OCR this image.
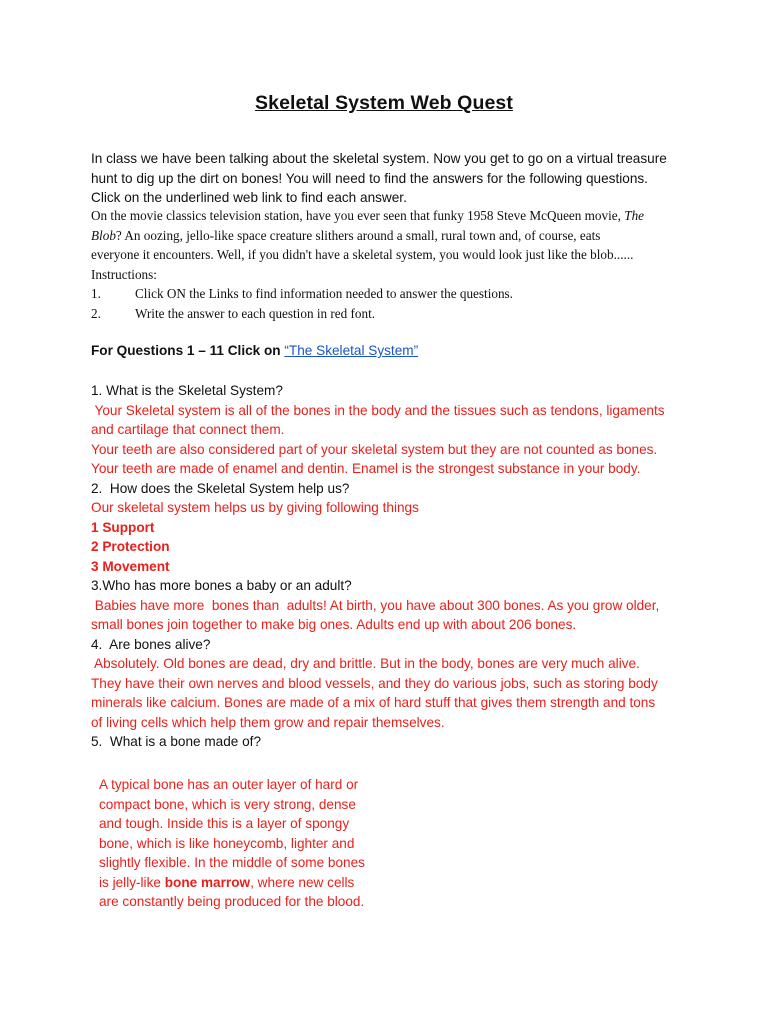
Skeletal System Web Quest
In class we have been talking about the skeletal system. Now you get to go on a virtual treasure
hunt to dig up the dirt on bones! You will need to find the answers for the following questions.
Click on the underlined web link to find each answer.
On the movie classics television station, have you ever seen that funky 1958 Steve McQueen movie, The
Blob? An oozing, jello-like space creature slithers around a small, rural town and, of course, eats
everyone it encounters. Well, if you didn't have a skeletal system, you would look just like the blob......
Instructions:
1.	Click ON the Links to find information needed to answer the questions.
2.	Write the answer to each question in red font.
For Questions 1 – 11 Click on “The Skeletal System”
1. What is the Skeletal System?
Your Skeletal system is all of the bones in the body and the tissues such as tendons, ligaments
and cartilage that connect them.
Your teeth are also considered part of your skeletal system but they are not counted as bones.
Your teeth are made of enamel and dentin. Enamel is the strongest substance in your body.
2.  How does the Skeletal System help us?
Our skeletal system helps us by giving following things
1 Support
2 Protection
3 Movement
3.Who has more bones a baby or an adult?
Babies have more  bones than  adults! At birth, you have about 300 bones. As you grow older,
small bones join together to make big ones. Adults end up with about 206 bones.
4.  Are bones alive?
Absolutely. Old bones are dead, dry and brittle. But in the body, bones are very much alive.
They have their own nerves and blood vessels, and they do various jobs, such as storing body
minerals like calcium. Bones are made of a mix of hard stuff that gives them strength and tons
of living cells which help them grow and repair themselves.
5.  What is a bone made of?
A typical bone has an outer layer of hard or
compact bone, which is very strong, dense
and tough. Inside this is a layer of spongy
bone, which is like honeycomb, lighter and
slightly flexible. In the middle of some bones
is jelly-like bone marrow, where new cells
are constantly being produced for the blood.
